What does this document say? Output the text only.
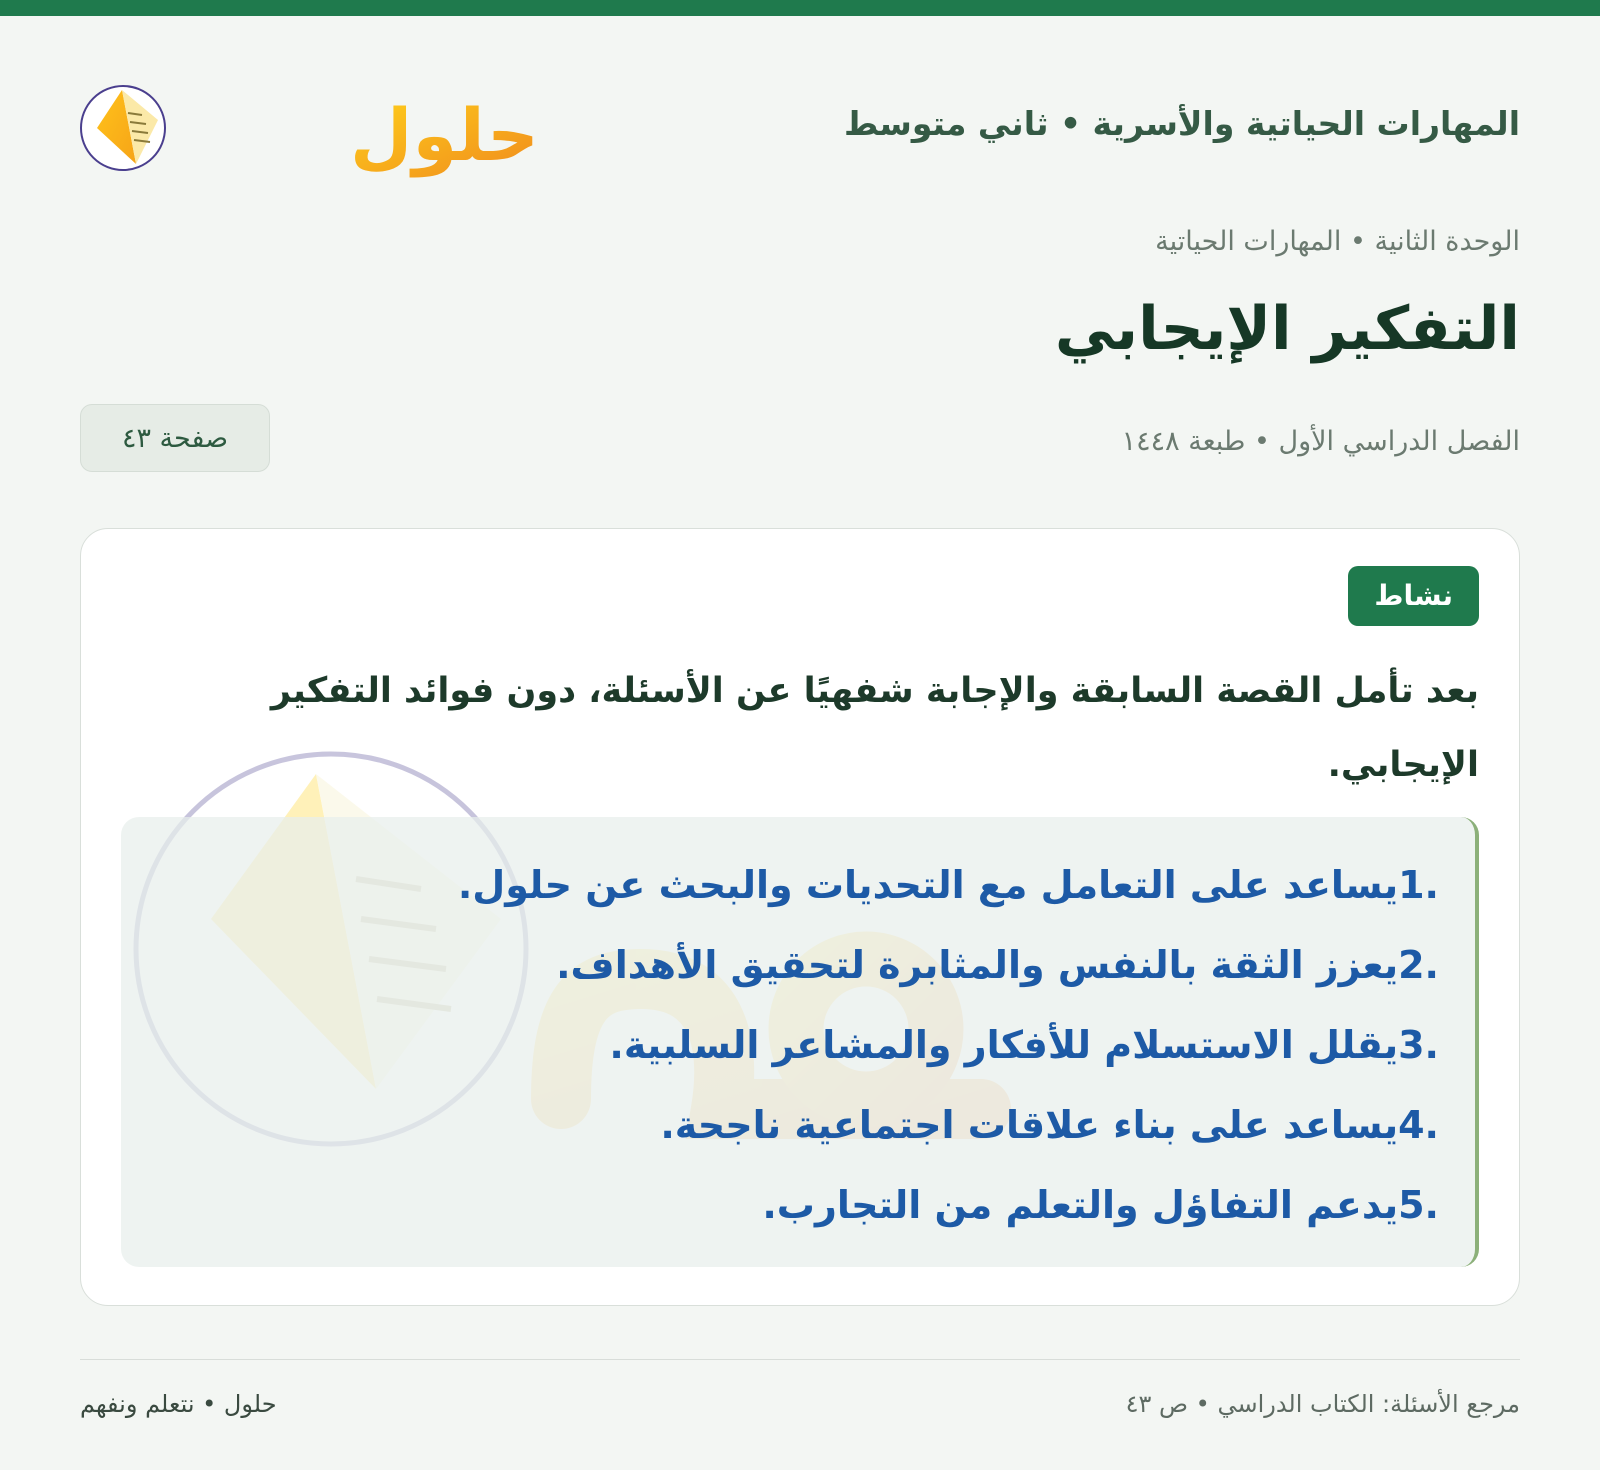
المهارات الحياتية والأسرية • ثاني متوسط
حلول
الوحدة الثانية • المهارات الحياتية
التفكير الإيجابي
الفصل الدراسي الأول • طبعة ١٤٤٨
صفحة ٤٣
نشاط
بعد تأمل القصة السابقة والإجابة شفهيًا عن الأسئلة، دون فوائد التفكير الإيجابي.
1.
يساعد على التعامل مع التحديات والبحث عن حلول.
2.
يعزز الثقة بالنفس والمثابرة لتحقيق الأهداف.
3.
يقلل الاستسلام للأفكار والمشاعر السلبية.
4.
يساعد على بناء علاقات اجتماعية ناجحة.
5.
يدعم التفاؤل والتعلم من التجارب.
مرجع الأسئلة: الكتاب الدراسي • ص ٤٣
حلول • نتعلم ونفهم
